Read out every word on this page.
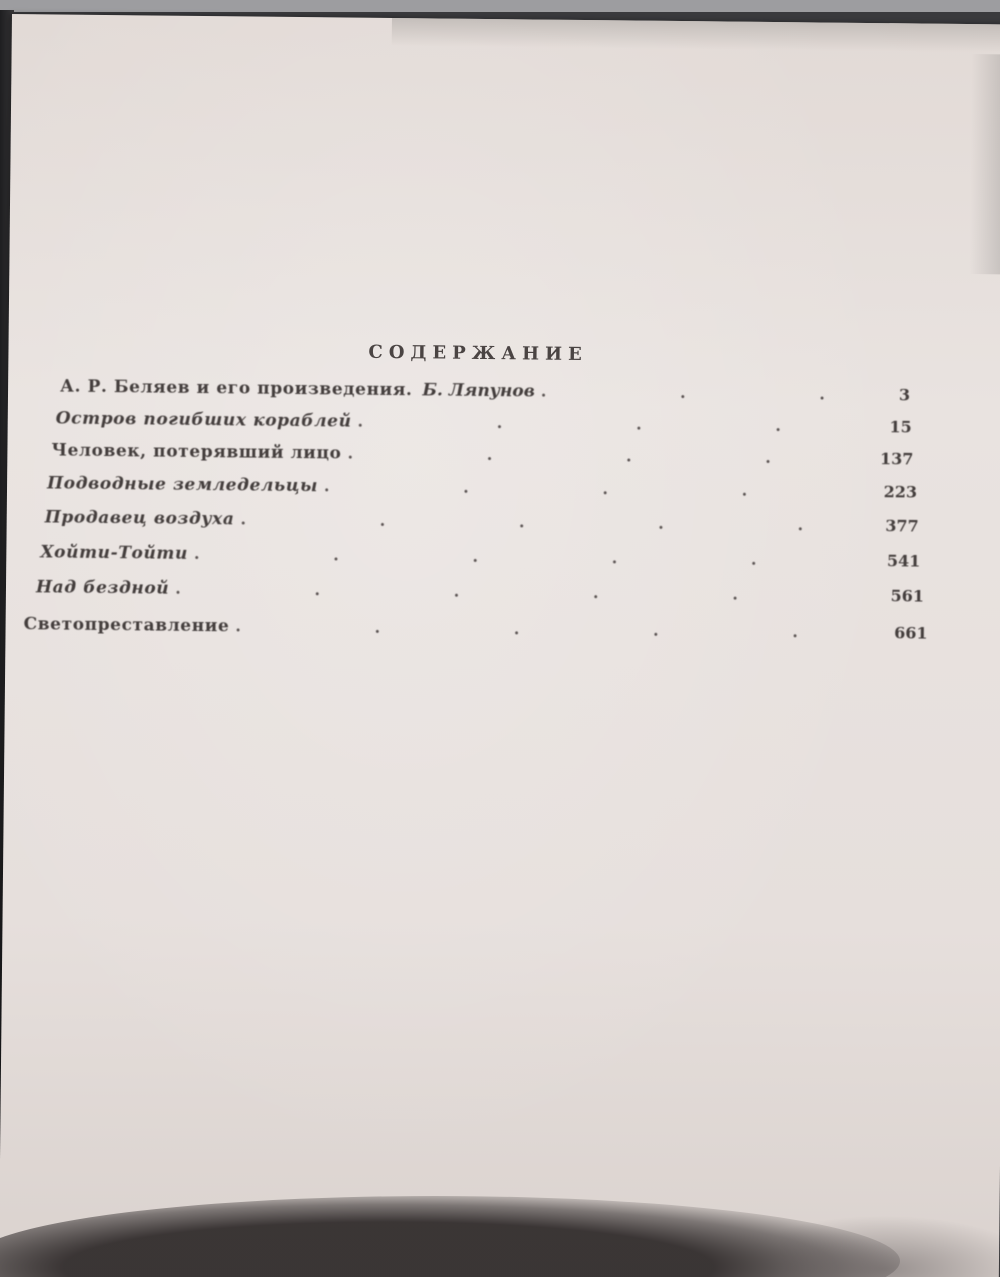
СОДЕРЖАНИЕ
А. Р. Беляев и его произведения. Б. Ляпунов .	3
Остров погибших кораблей .	15
Человек, потерявший лицо .	137
Подводные земледельцы .	223
Продавец воздуха .	377
Хойти-Тойти .	541
Над бездной .	561
Светопреставление .	661
